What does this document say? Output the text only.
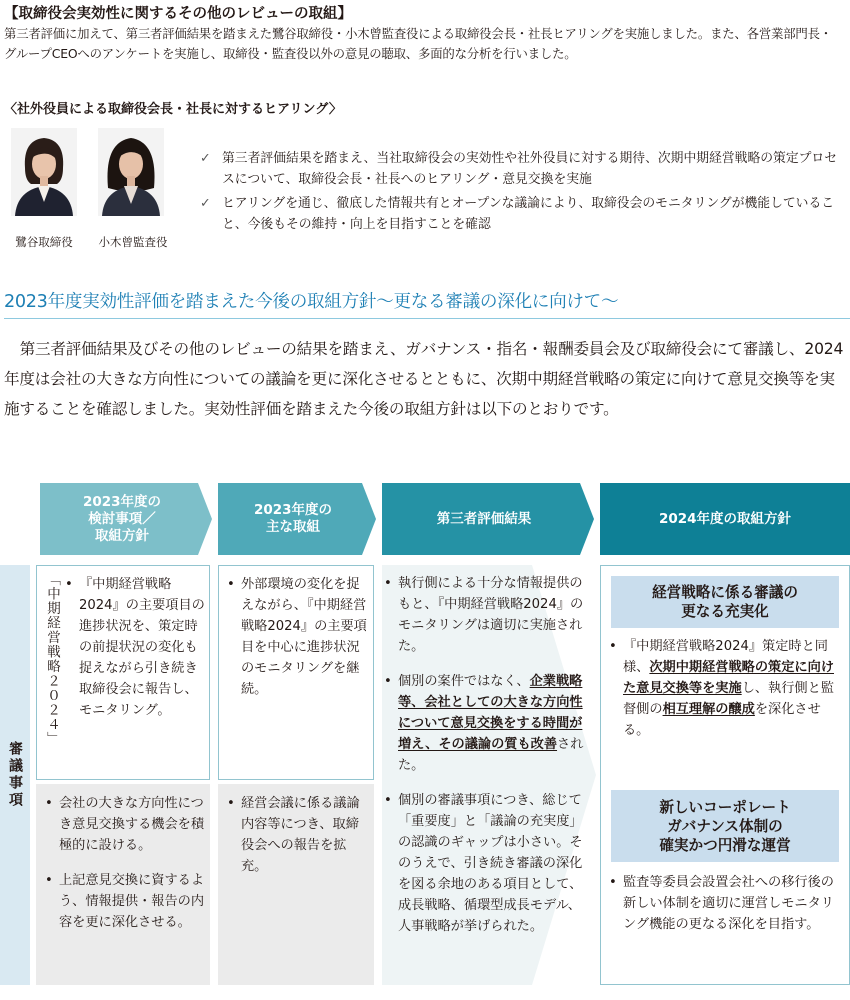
【取締役会実効性に関するその他のレビューの取組】
第三者評価に加えて、第三者評価結果を踏まえた鷺谷取締役・小木曾監査役による取締役会長・社長ヒアリングを実施しました。また、各営業部門長・グループCEOへのアンケートを実施し、取締役・監査役以外の意見の聴取、多面的な分析を行いました。
〈社外役員による取締役会長・社長に対するヒアリング〉
鷺谷取締役	小木曾監査役
✓ 第三者評価結果を踏まえ、当社取締役会の実効性や社外役員に対する期待、次期中期経営戦略の策定プロセスについて、取締役会長・社長へのヒアリング・意見交換を実施
✓ ヒアリングを通じ、徹底した情報共有とオープンな議論により、取締役会のモニタリングが機能していること、今後もその維持・向上を目指すことを確認
2023年度実効性評価を踏まえた今後の取組方針〜更なる審議の深化に向けて〜
第三者評価結果及びその他のレビューの結果を踏まえ、ガバナンス・指名・報酬委員会及び取締役会にて審議し、2024年度は会社の大きな方向性についての議論を更に深化させるとともに、次期中期経営戦略の策定に向けて意見交換等を実施することを確認しました。実効性評価を踏まえた今後の取組方針は以下のとおりです。
2023年度の
検討事項／
取組方針
2023年度の
主な取組
第三者評価結果	2024年度の取組方針
審議事項
「中期経営戦略２０２４」 • 『中期経営戦略2024』の主要項目の進捗状況を、策定時の前提状況の変化も捉えながら引き続き取締役会に報告し、モニタリング。
• 会社の大きな方向性につき意見交換する機会を積極的に設ける。
• 上記意見交換に資するよう、情報提供・報告の内容を更に深化させる。
• 外部環境の変化を捉えながら、『中期経営戦略2024』の主要項目を中心に進捗状況のモニタリングを継続。
• 経営会議に係る議論内容等につき、取締役会への報告を拡充。
• 執行側による十分な情報提供のもと、『中期経営戦略2024』のモニタリングは適切に実施された。
• 個別の案件ではなく、企業戦略等、会社としての大きな方向性について意見交換をする時間が増え、その議論の質も改善された。
• 個別の審議事項につき、総じて「重要度」と「議論の充実度」の認識のギャップは小さい。そのうえで、引き続き審議の深化を図る余地のある項目として、成長戦略、循環型成長モデル、人事戦略が挙げられた。
経営戦略に係る審議の
更なる充実化
• 『中期経営戦略2024』策定時と同様、次期中期経営戦略の策定に向けた意見交換等を実施し、執行側と監督側の相互理解の醸成を深化させる。
新しいコーポレート
ガバナンス体制の
確実かつ円滑な運営
• 監査等委員会設置会社への移行後の新しい体制を適切に運営しモニタリング機能の更なる深化を目指す。
